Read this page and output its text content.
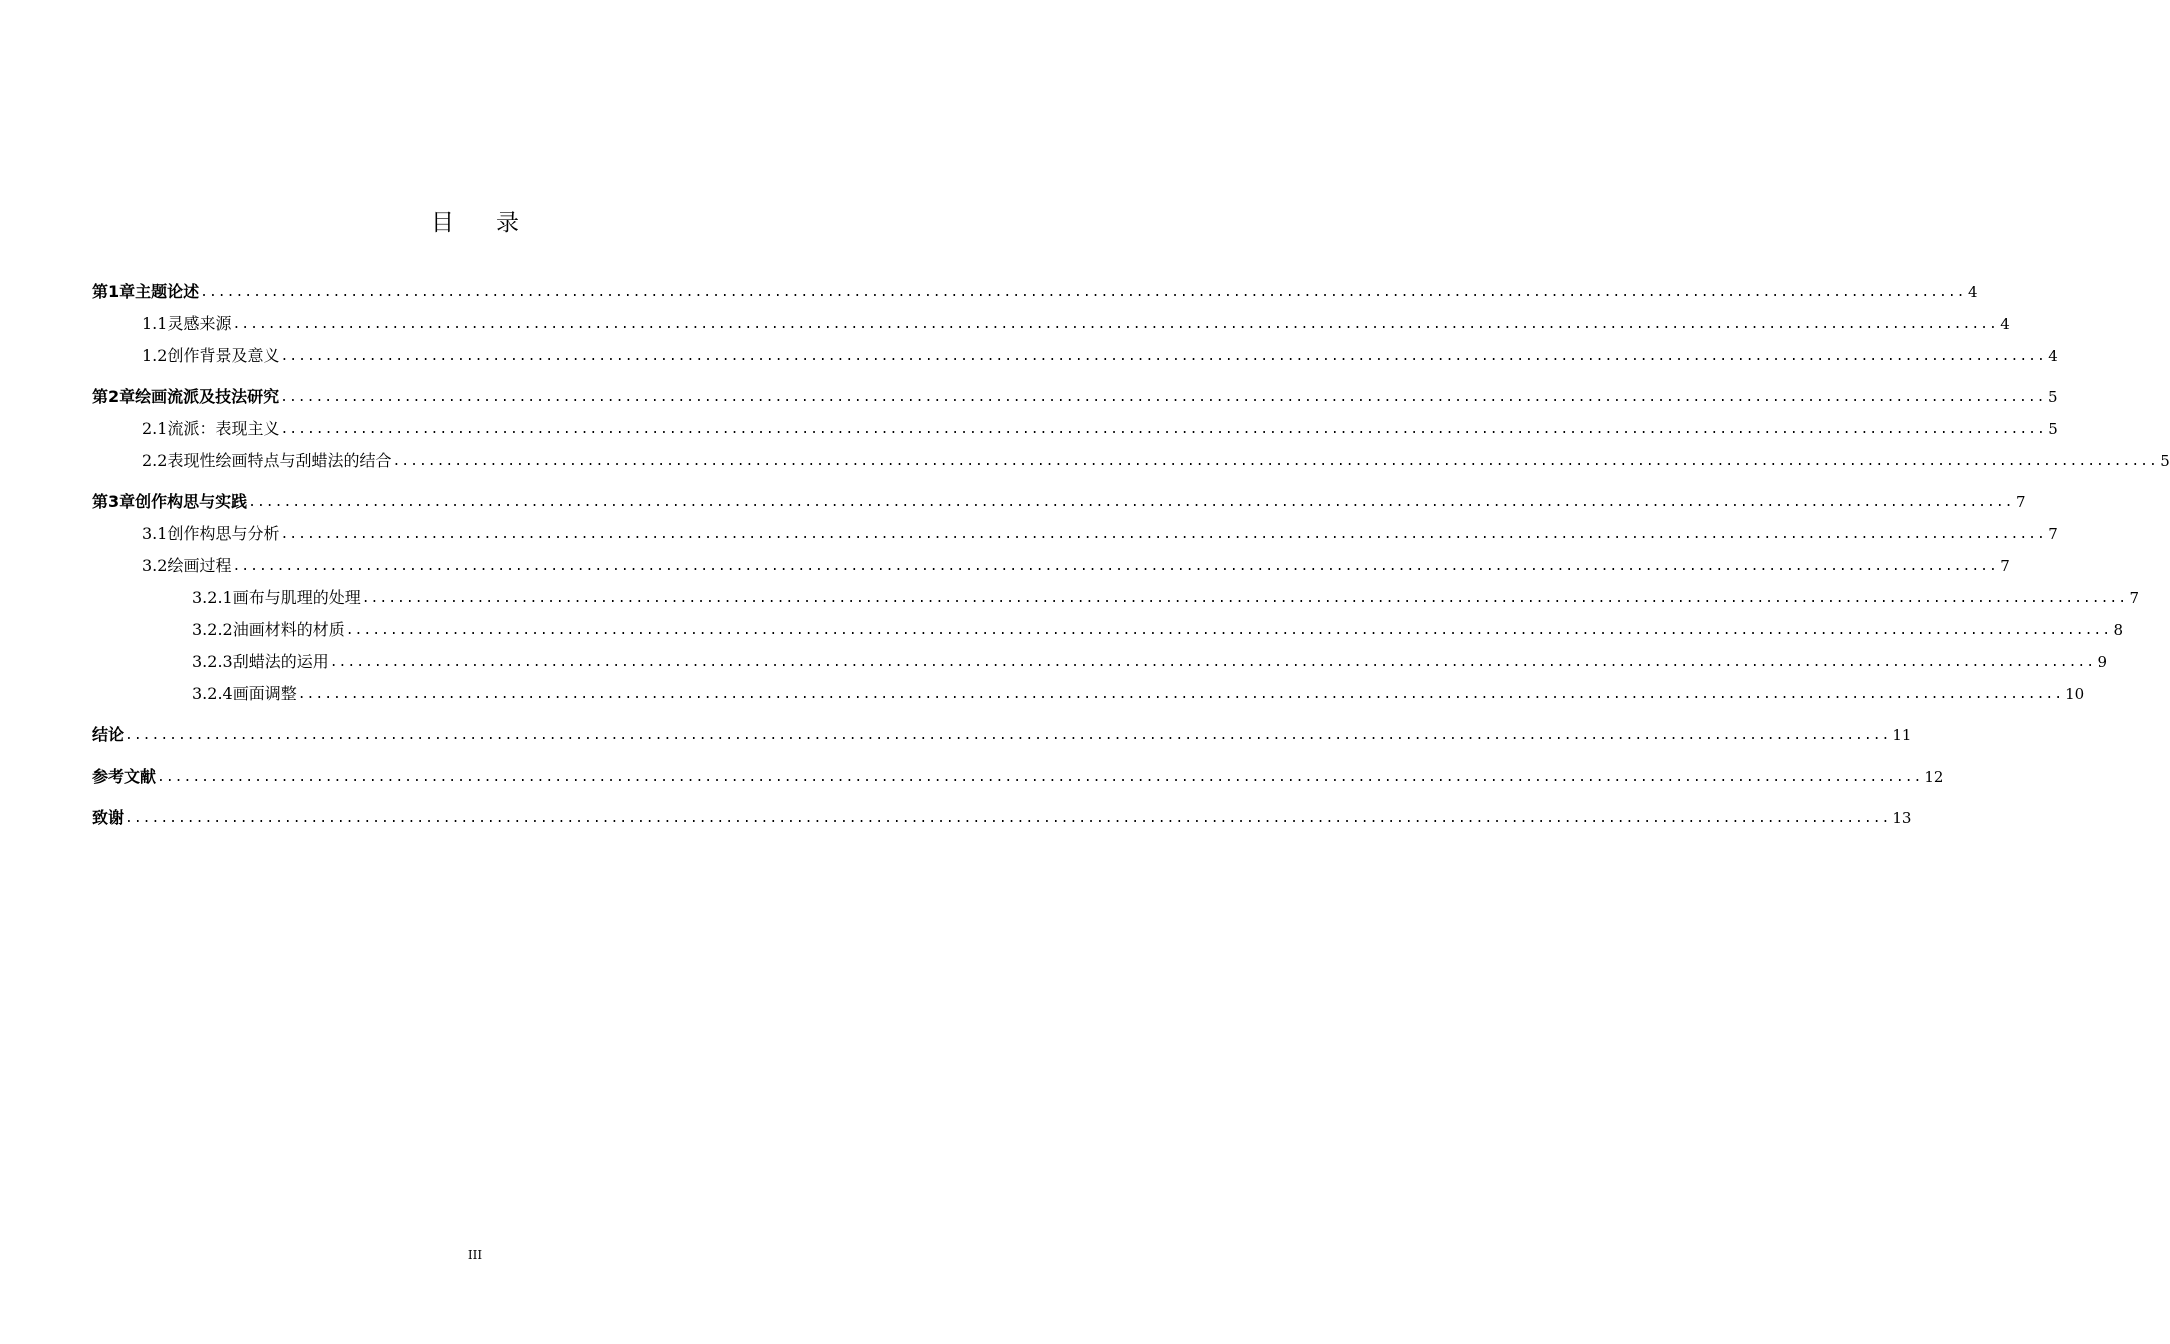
目录
第1章 主题论述 ........................................................................................................................................................................................................ 4
1.1 灵感来源 ........................................................................................................................................................................................................ 4
1.2 创作背景及意义 ........................................................................................................................................................................................................ 4
第2章 绘画流派及技法研究 ........................................................................................................................................................................................................ 5
2.1 流派：表现主义 ........................................................................................................................................................................................................ 5
2.2 表现性绘画特点与刮蜡法的结合 ........................................................................................................................................................................................................ 5
第3章 创作构思与实践 ........................................................................................................................................................................................................ 7
3.1 创作构思与分析 ........................................................................................................................................................................................................ 7
3.2 绘画过程 ........................................................................................................................................................................................................ 7
3.2.1 画布与肌理的处理 ........................................................................................................................................................................................................ 7
3.2.2 油画材料的材质 ........................................................................................................................................................................................................ 8
3.2.3 刮蜡法的运用 ........................................................................................................................................................................................................ 9
3.2.4 画面调整 ........................................................................................................................................................................................................ 10
结论 ........................................................................................................................................................................................................ 11
参考文献 ........................................................................................................................................................................................................ 12
致谢 ........................................................................................................................................................................................................ 13
III
